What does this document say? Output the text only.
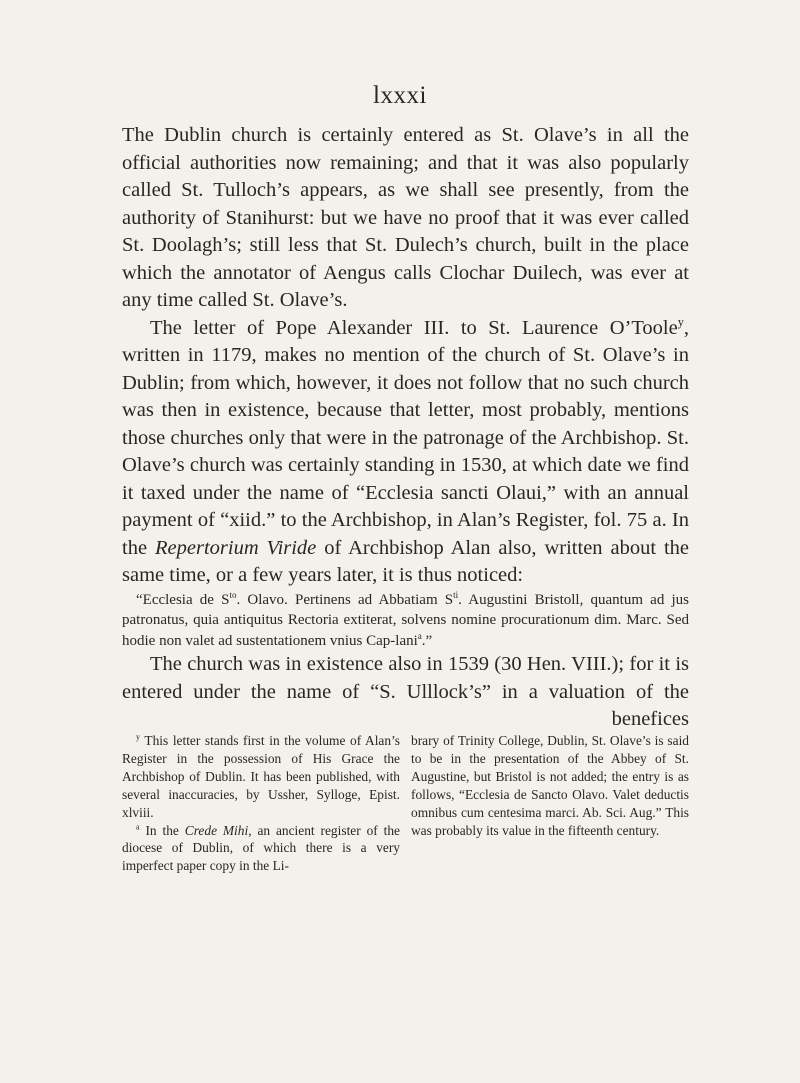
lxxxi

The Dublin church is certainly entered as St. Olave’s in all the official authorities now remaining; and that it was also popularly called St. Tulloch’s appears, as we shall see presently, from the authority of Stanihurst: but we have no proof that it was ever called St. Doolagh’s; still less that St. Dulech’s church, built in the place which the annotator of Aengus calls Clochar Duilech, was ever at any time called St. Olave’s.

The letter of Pope Alexander III. to St. Laurence O’Toole$^y$, written in 1179, makes no mention of the church of St. Olave’s in Dublin; from which, however, it does not follow that no such church was then in existence, because that letter, most probably, mentions those churches only that were in the patronage of the Archbishop. St. Olave’s church was certainly standing in 1530, at which date we find it taxed under the name of “Ecclesia sancti Olaui,” with an annual payment of “xiid.” to the Archbishop, in Alan’s Register, fol. 75 a. In the Repertorium Viride of Archbishop Alan also, written about the same time, or a few years later, it is thus noticed:

“Ecclesia de $S^{to}$. Olavo. Pertinens ad Abbatiam $S^{ti}$. Augustini Bristoll, quantum ad jus patronatus, quia antiquitus Rectoria extiterat, solvens nomine procurationum dim. Marc. Sed hodie non valet ad sustentationem vnius Cap-lani$^a$.”

The church was in existence also in 1539 (30 Hen. VIII.); for it is entered under the name of “S. Ulllock’s” in a valuation of the benefices

$^y$ This letter stands first in the volume of Alan’s Register in the possession of His Grace the Archbishop of Dublin. It has been published, with several inaccuracies, by Ussher, Sylloge, Epist. xlviii.

$^a$ In the Crede Mihi, an ancient register of the diocese of Dublin, of which there is a very imperfect paper copy in the Li-

brary of Trinity College, Dublin, St. Olave’s is said to be in the presentation of the Abbey of St. Augustine, but Bristol is not added; the entry is as follows, “Ecclesia de Sancto Olavo. Valet deductis omnibus cum centesima marci. Ab. Sci. Aug.” This was probably its value in the fifteenth century.
